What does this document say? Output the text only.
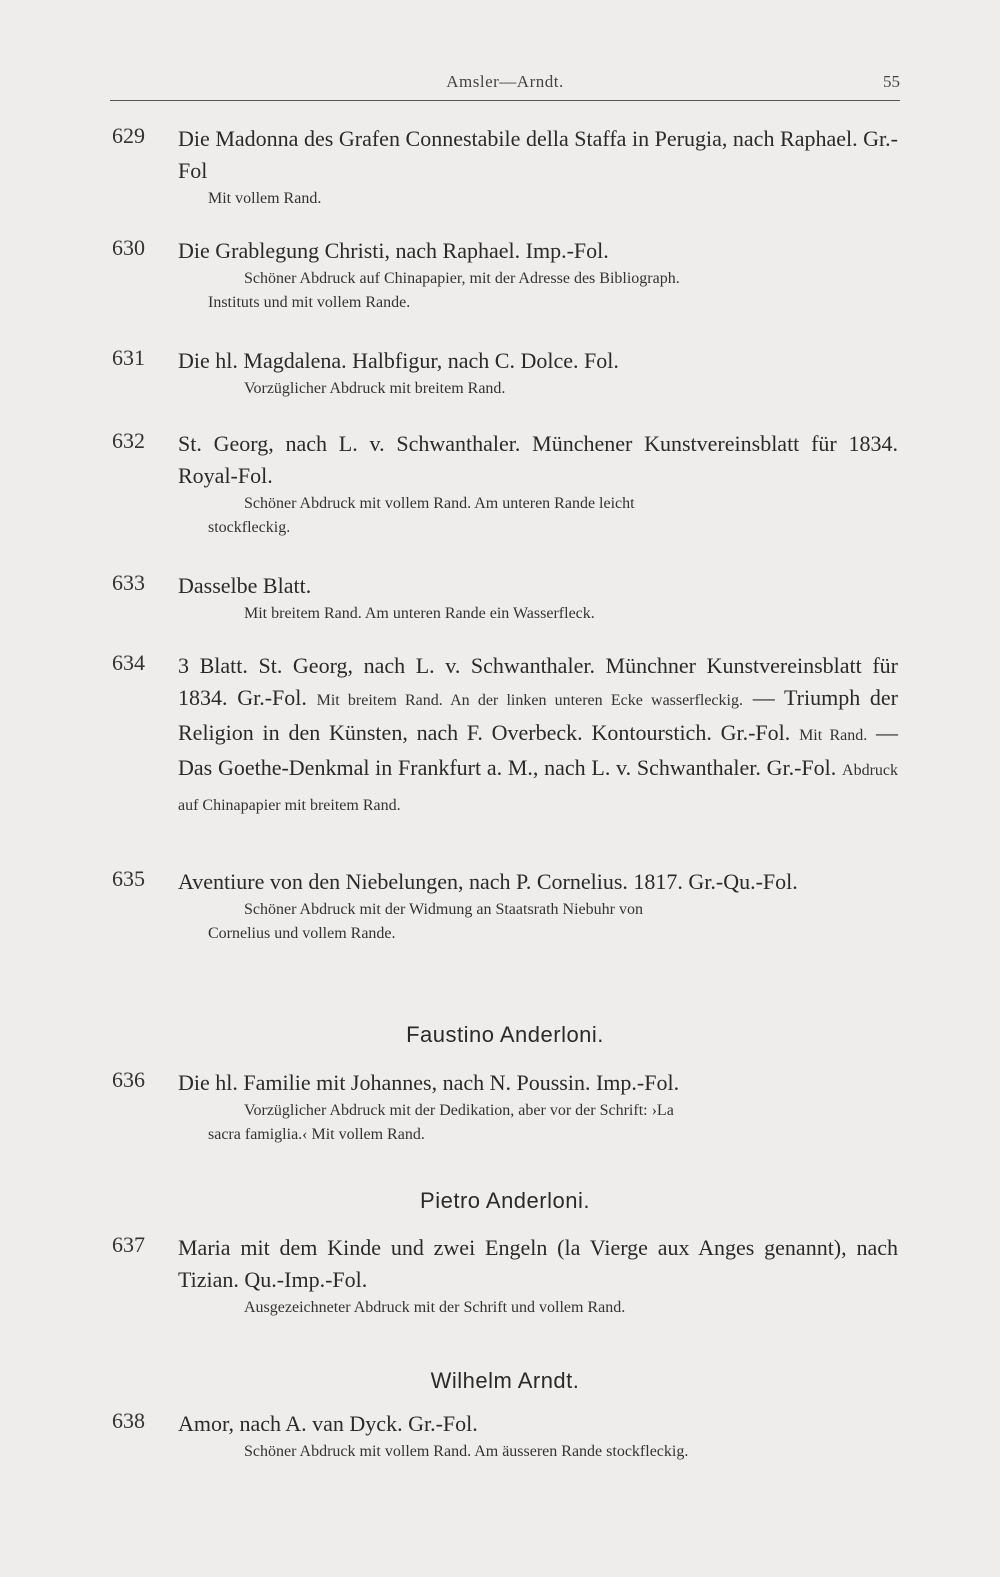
Amsler—Arndt.	55
629 Die Madonna des Grafen Connestabile della Staffa in Perugia, nach Raphael. Gr.-Fol
Mit vollem Rand.
630 Die Grablegung Christi, nach Raphael. Imp.-Fol.
Schöner Abdruck auf Chinapapier, mit der Adresse des Bibliograph.
Instituts und mit vollem Rande.
631 Die hl. Magdalena. Halbfigur, nach C. Dolce. Fol.
Vorzüglicher Abdruck mit breitem Rand.
632 St. Georg, nach L. v. Schwanthaler. Münchener Kunstvereinsblatt für 1834. Royal-Fol.
Schöner Abdruck mit vollem Rand. Am unteren Rande leicht
stockfleckig.
633 Dasselbe Blatt.
Mit breitem Rand. Am unteren Rande ein Wasserfleck.
634 3 Blatt. St. Georg, nach L. v. Schwanthaler. Münchner Kunstvereinsblatt für 1834. Gr.-Fol. Mit breitem Rand. An der linken unteren Ecke wasserfleckig. — Triumph der Religion in den Künsten, nach F. Overbeck. Kontourstich. Gr.-Fol. Mit Rand. — Das Goethe-Denkmal in Frankfurt a. M., nach L. v. Schwanthaler. Gr.-Fol. Abdruck auf Chinapapier mit breitem Rand.
635 Aventiure von den Niebelungen, nach P. Cornelius. 1817. Gr.-Qu.-Fol.
Schöner Abdruck mit der Widmung an Staatsrath Niebuhr von
Cornelius und vollem Rande.
Faustino Anderloni.
636 Die hl. Familie mit Johannes, nach N. Poussin. Imp.-Fol.
Vorzüglicher Abdruck mit der Dedikation, aber vor der Schrift: ›La
sacra famiglia.‹ Mit vollem Rand.
Pietro Anderloni.
637 Maria mit dem Kinde und zwei Engeln (la Vierge aux Anges genannt), nach Tizian. Qu.-Imp.-Fol.
Ausgezeichneter Abdruck mit der Schrift und vollem Rand.
Wilhelm Arndt.
638 Amor, nach A. van Dyck. Gr.-Fol.
Schöner Abdruck mit vollem Rand. Am äusseren Rande stockfleckig.
